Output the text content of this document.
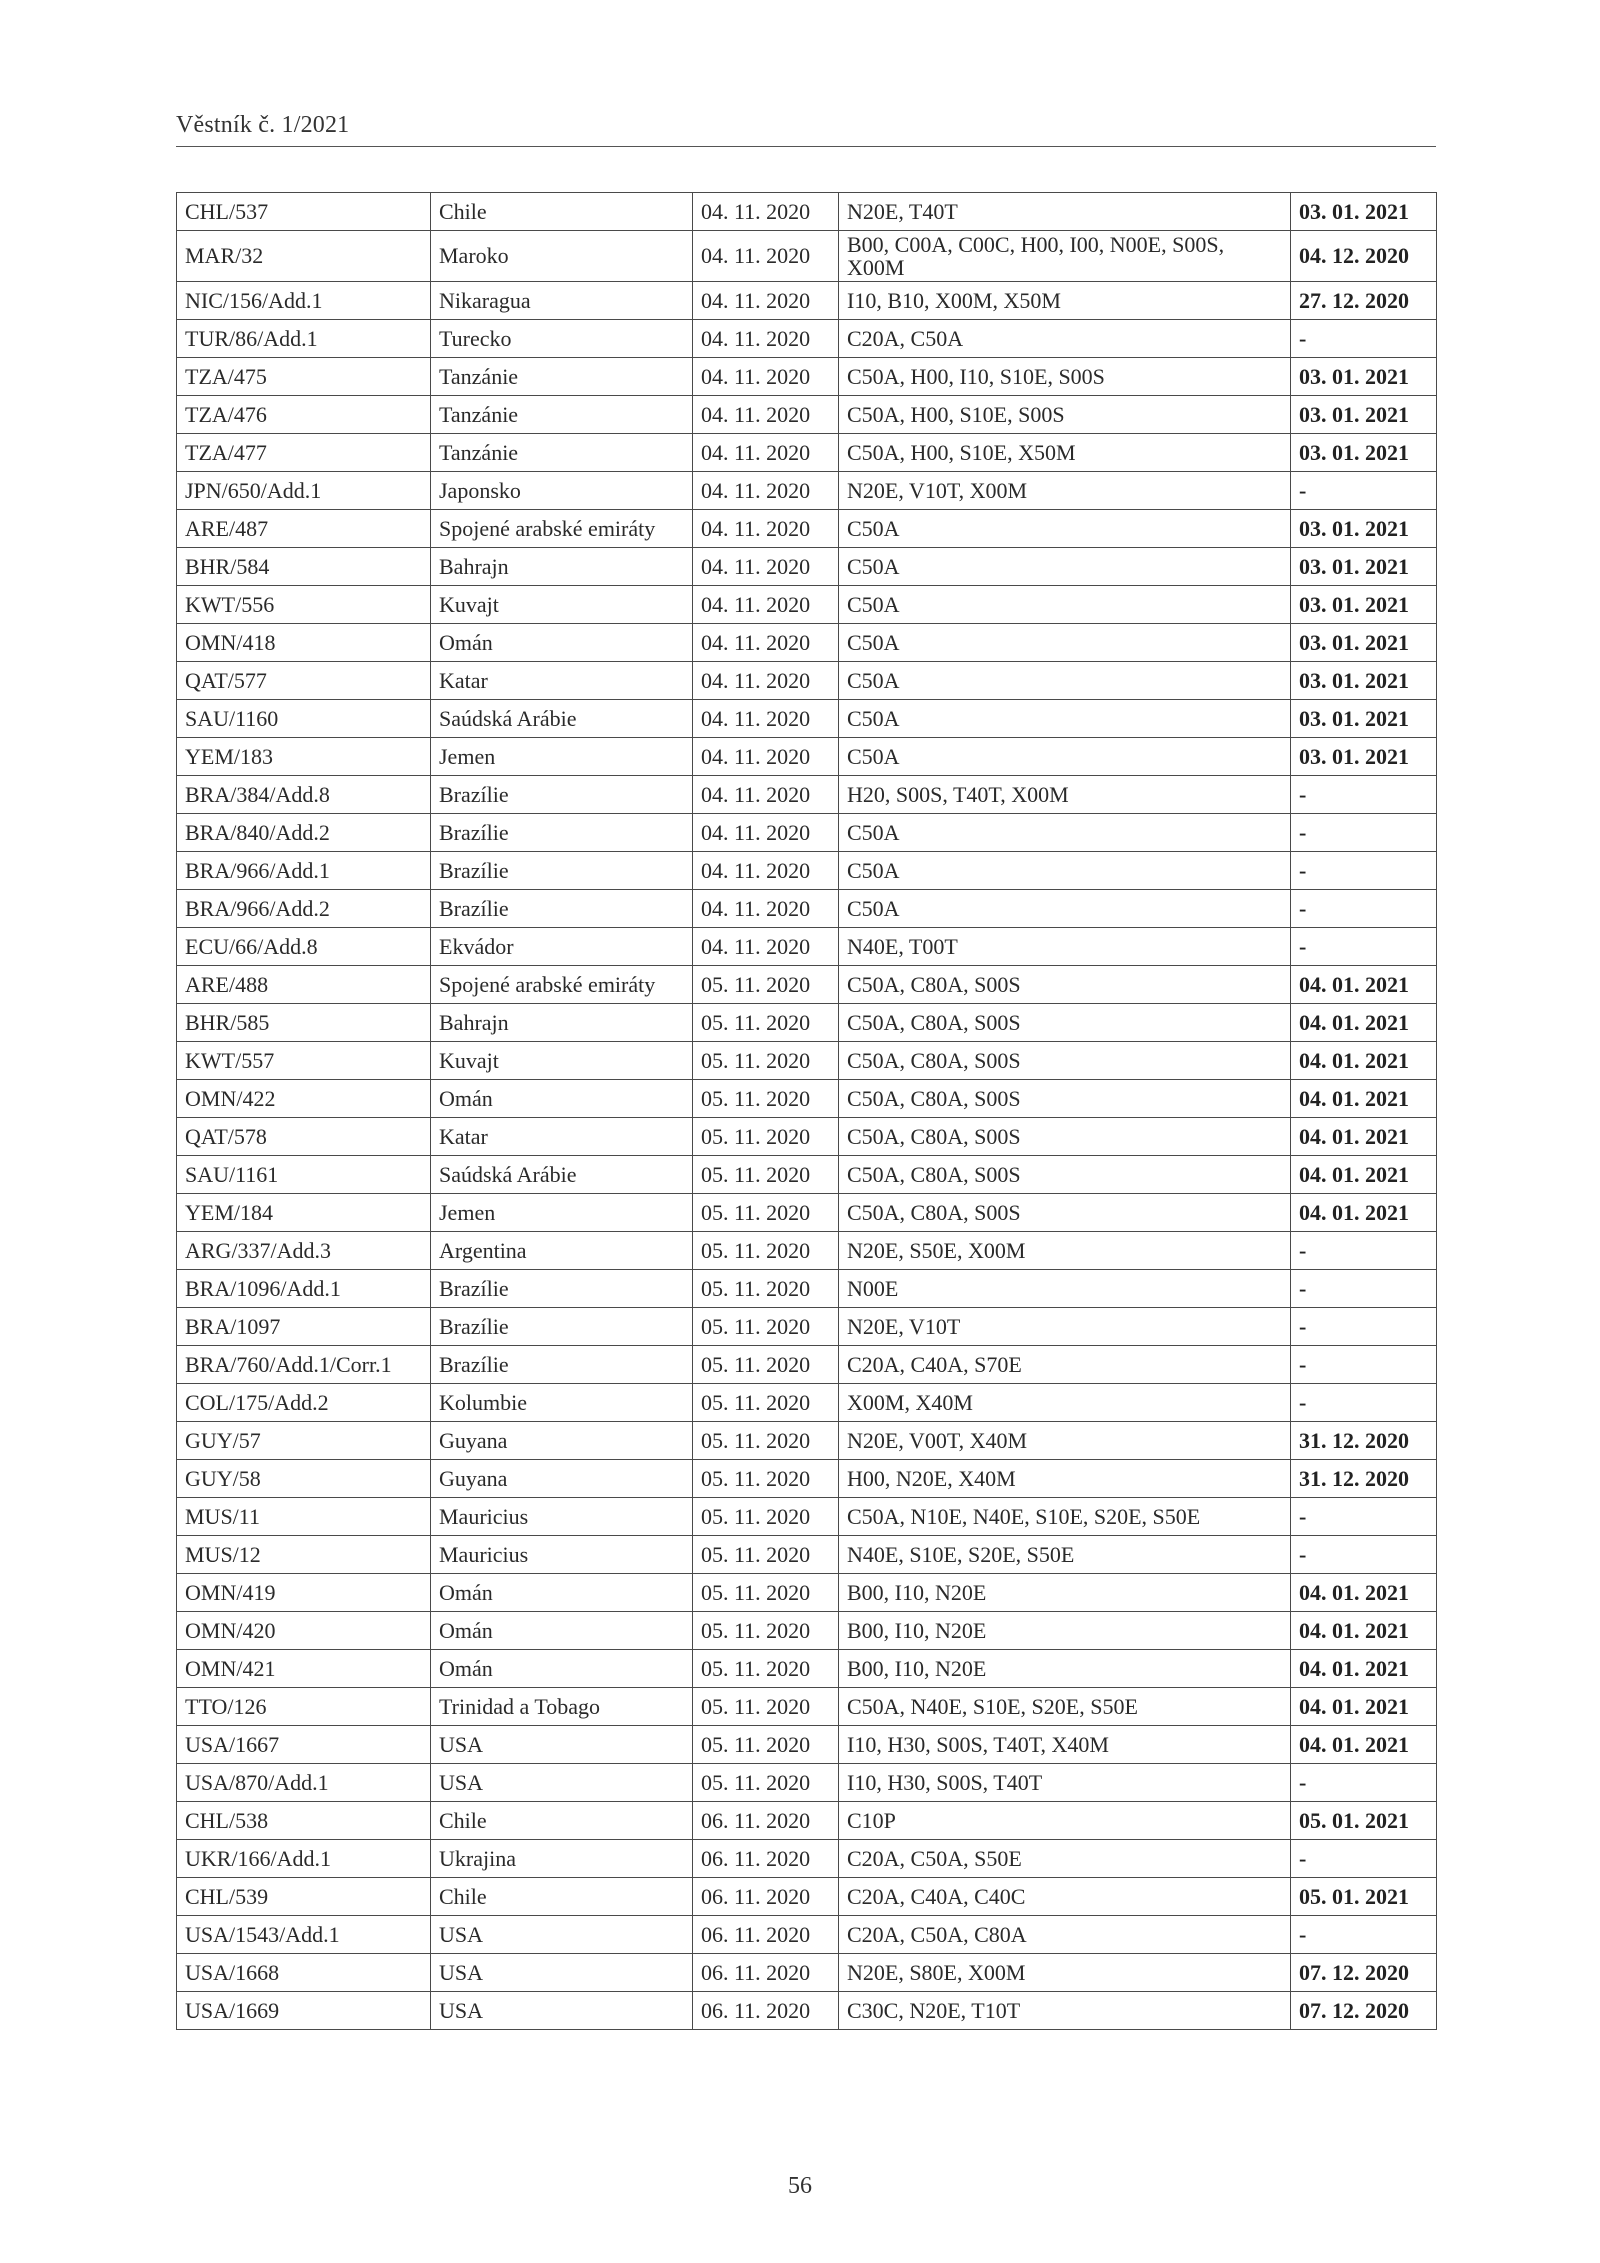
Věstník č. 1/2021
CHL/537	Chile	04. 11. 2020	N20E, T40T	03. 01. 2021
MAR/32	Maroko	04. 11. 2020	B00, C00A, C00C, H00, I00, N00E, S00S, X00M	04. 12. 2020
NIC/156/Add.1	Nikaragua	04. 11. 2020	I10, B10, X00M, X50M	27. 12. 2020
TUR/86/Add.1	Turecko	04. 11. 2020	C20A, C50A	-
TZA/475	Tanzánie	04. 11. 2020	C50A, H00, I10, S10E, S00S	03. 01. 2021
TZA/476	Tanzánie	04. 11. 2020	C50A, H00, S10E, S00S	03. 01. 2021
TZA/477	Tanzánie	04. 11. 2020	C50A, H00, S10E, X50M	03. 01. 2021
JPN/650/Add.1	Japonsko	04. 11. 2020	N20E, V10T, X00M	-
ARE/487	Spojené arabské emiráty	04. 11. 2020	C50A	03. 01. 2021
BHR/584	Bahrajn	04. 11. 2020	C50A	03. 01. 2021
KWT/556	Kuvajt	04. 11. 2020	C50A	03. 01. 2021
OMN/418	Omán	04. 11. 2020	C50A	03. 01. 2021
QAT/577	Katar	04. 11. 2020	C50A	03. 01. 2021
SAU/1160	Saúdská Arábie	04. 11. 2020	C50A	03. 01. 2021
YEM/183	Jemen	04. 11. 2020	C50A	03. 01. 2021
BRA/384/Add.8	Brazílie	04. 11. 2020	H20, S00S, T40T, X00M	-
BRA/840/Add.2	Brazílie	04. 11. 2020	C50A	-
BRA/966/Add.1	Brazílie	04. 11. 2020	C50A	-
BRA/966/Add.2	Brazílie	04. 11. 2020	C50A	-
ECU/66/Add.8	Ekvádor	04. 11. 2020	N40E, T00T	-
ARE/488	Spojené arabské emiráty	05. 11. 2020	C50A, C80A, S00S	04. 01. 2021
BHR/585	Bahrajn	05. 11. 2020	C50A, C80A, S00S	04. 01. 2021
KWT/557	Kuvajt	05. 11. 2020	C50A, C80A, S00S	04. 01. 2021
OMN/422	Omán	05. 11. 2020	C50A, C80A, S00S	04. 01. 2021
QAT/578	Katar	05. 11. 2020	C50A, C80A, S00S	04. 01. 2021
SAU/1161	Saúdská Arábie	05. 11. 2020	C50A, C80A, S00S	04. 01. 2021
YEM/184	Jemen	05. 11. 2020	C50A, C80A, S00S	04. 01. 2021
ARG/337/Add.3	Argentina	05. 11. 2020	N20E, S50E, X00M	-
BRA/1096/Add.1	Brazílie	05. 11. 2020	N00E	-
BRA/1097	Brazílie	05. 11. 2020	N20E, V10T	-
BRA/760/Add.1/Corr.1	Brazílie	05. 11. 2020	C20A, C40A, S70E	-
COL/175/Add.2	Kolumbie	05. 11. 2020	X00M, X40M	-
GUY/57	Guyana	05. 11. 2020	N20E, V00T, X40M	31. 12. 2020
GUY/58	Guyana	05. 11. 2020	H00, N20E, X40M	31. 12. 2020
MUS/11	Mauricius	05. 11. 2020	C50A, N10E, N40E, S10E, S20E, S50E	-
MUS/12	Mauricius	05. 11. 2020	N40E, S10E, S20E, S50E	-
OMN/419	Omán	05. 11. 2020	B00, I10, N20E	04. 01. 2021
OMN/420	Omán	05. 11. 2020	B00, I10, N20E	04. 01. 2021
OMN/421	Omán	05. 11. 2020	B00, I10, N20E	04. 01. 2021
TTO/126	Trinidad a Tobago	05. 11. 2020	C50A, N40E, S10E, S20E, S50E	04. 01. 2021
USA/1667	USA	05. 11. 2020	I10, H30, S00S, T40T, X40M	04. 01. 2021
USA/870/Add.1	USA	05. 11. 2020	I10, H30, S00S, T40T	-
CHL/538	Chile	06. 11. 2020	C10P	05. 01. 2021
UKR/166/Add.1	Ukrajina	06. 11. 2020	C20A, C50A, S50E	-
CHL/539	Chile	06. 11. 2020	C20A, C40A, C40C	05. 01. 2021
USA/1543/Add.1	USA	06. 11. 2020	C20A, C50A, C80A	-
USA/1668	USA	06. 11. 2020	N20E, S80E, X00M	07. 12. 2020
USA/1669	USA	06. 11. 2020	C30C, N20E, T10T	07. 12. 2020
56
